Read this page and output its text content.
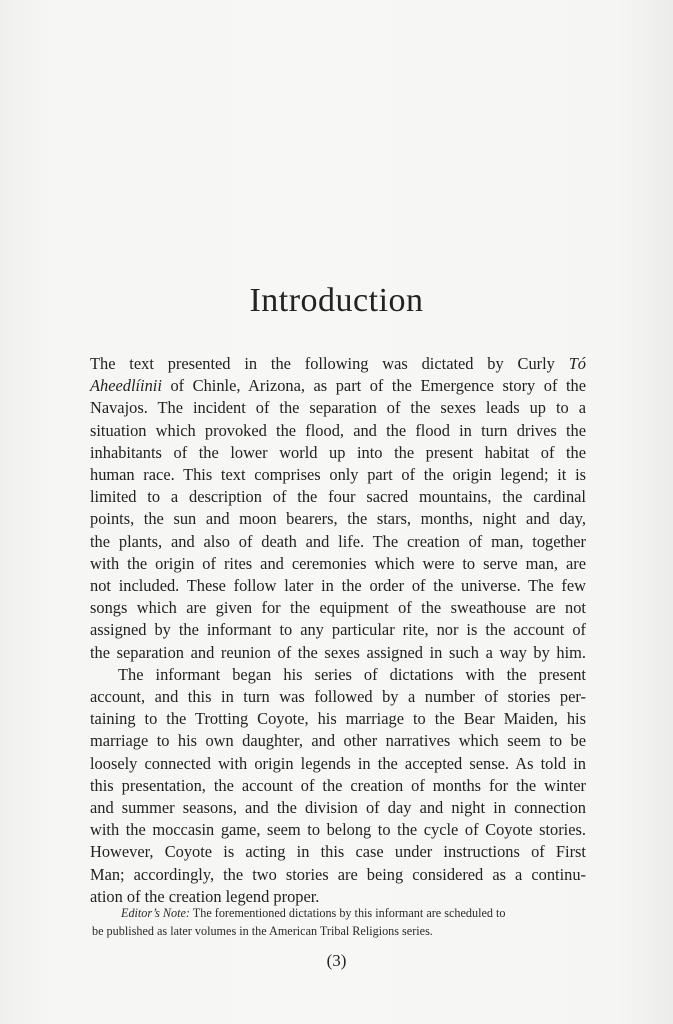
Introduction
The text presented in the following was dictated by Curly Tó
Aheedlíinii of Chinle, Arizona, as part of the Emergence story of the
Navajos. The incident of the separation of the sexes leads up to a
situation which provoked the flood, and the flood in turn drives the
inhabitants of the lower world up into the present habitat of the
human race. This text comprises only part of the origin legend; it is
limited to a description of the four sacred mountains, the cardinal
points, the sun and moon bearers, the stars, months, night and day,
the plants, and also of death and life. The creation of man, together
with the origin of rites and ceremonies which were to serve man, are
not included. These follow later in the order of the universe. The few
songs which are given for the equipment of the sweathouse are not
assigned by the informant to any particular rite, nor is the account of
the separation and reunion of the sexes assigned in such a way by him.
The informant began his series of dictations with the present
account, and this in turn was followed by a number of stories per-
taining to the Trotting Coyote, his marriage to the Bear Maiden, his
marriage to his own daughter, and other narratives which seem to be
loosely connected with origin legends in the accepted sense. As told in
this presentation, the account of the creation of months for the winter
and summer seasons, and the division of day and night in connection
with the moccasin game, seem to belong to the cycle of Coyote stories.
However, Coyote is acting in this case under instructions of First
Man; accordingly, the two stories are being considered as a continu-
ation of the creation legend proper.
Editor’s Note: The forementioned dictations by this informant are scheduled to
be published as later volumes in the American Tribal Religions series.
(3)
